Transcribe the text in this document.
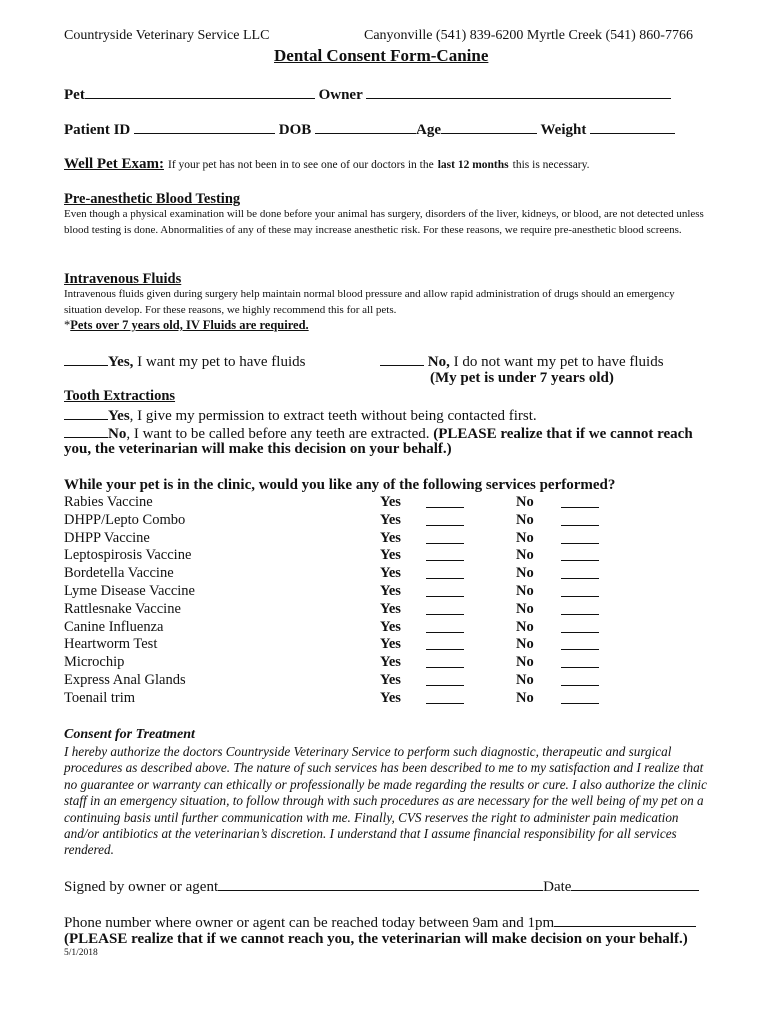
Countryside Veterinary Service LLC	Canyonville (541) 839-6200 Myrtle Creek (541) 860-7766
Dental Consent Form-Canine
Pet	Owner
Patient ID	DOB	Age	Weight
Well Pet Exam: If your pet has not been in to see one of our doctors in the last 12 months this is necessary.
Pre-anesthetic Blood Testing
Even though a physical examination will be done before your animal has surgery, disorders of the liver, kidneys, or blood, are not detected unless blood testing is done. Abnormalities of any of these may increase anesthetic risk. For these reasons, we require pre-anesthetic blood screens.
Intravenous Fluids
Intravenous fluids given during surgery help maintain normal blood pressure and allow rapid administration of drugs should an emergency situation develop. For these reasons, we highly recommend this for all pets.
*Pets over 7 years old, IV Fluids are required.
Yes, I want my pet to have fluids	No, I do not want my pet to have fluids
(My pet is under 7 years old)
Tooth Extractions
Yes, I give my permission to extract teeth without being contacted first.
No, I want to be called before any teeth are extracted. (PLEASE realize that if we cannot reach
you, the veterinarian will make this decision on your behalf.)
While your pet is in the clinic, would you like any of the following services performed?
Rabies Vaccine	Yes	No
DHPP/Lepto Combo	Yes	No
DHPP Vaccine	Yes	No
Leptospirosis Vaccine	Yes	No
Bordetella Vaccine	Yes	No
Lyme Disease Vaccine	Yes	No
Rattlesnake Vaccine	Yes	No
Canine Influenza	Yes	No
Heartworm Test	Yes	No
Microchip	Yes	No
Express Anal Glands	Yes	No
Toenail trim	Yes	No
Consent for Treatment
I hereby authorize the doctors Countryside Veterinary Service to perform such diagnostic, therapeutic and surgical procedures as described above. The nature of such services has been described to me to my satisfaction and I realize that no guarantee or warranty can ethically or professionally be made regarding the results or cure. I also authorize the clinic staff in an emergency situation, to follow through with such procedures as are necessary for the well being of my pet on a continuing basis until further communication with me. Finally, CVS reserves the right to administer pain medication and/or antibiotics at the veterinarian’s discretion. I understand that I assume financial responsibility for all services rendered.
Signed by owner or agent	Date
Phone number where owner or agent can be reached today between 9am and 1pm
(PLEASE realize that if we cannot reach you, the veterinarian will make decision on your behalf.)
5/1/2018
